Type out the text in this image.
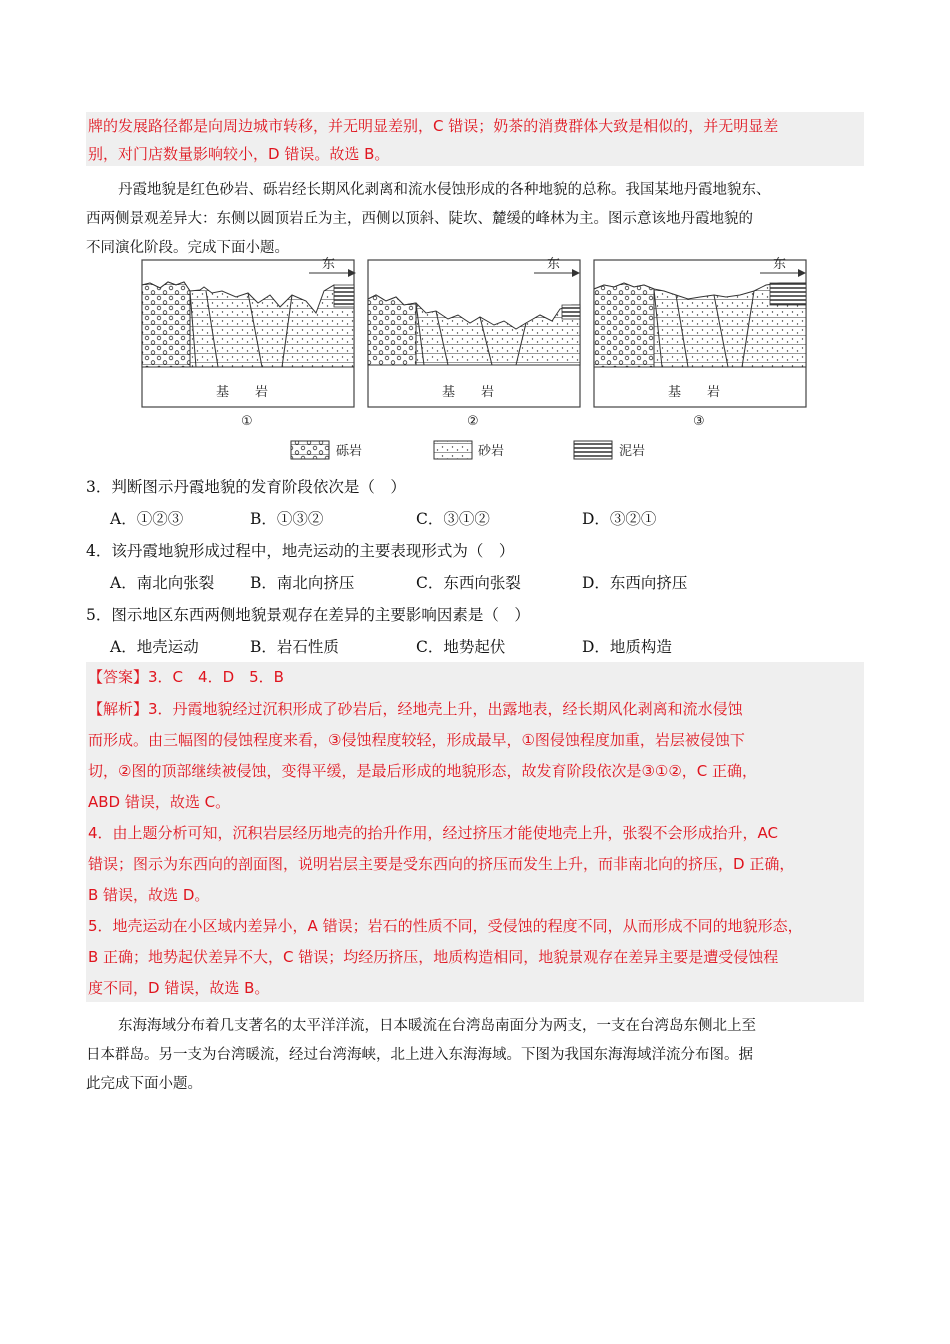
牌的发展路径都是向周边城市转移，并无明显差别，C 错误；奶茶的消费群体大致是相似的，并无明显差
别，对门店数量影响较小，D 错误。故选 B。
丹霞地貌是红色砂岩、砾岩经长期风化剥离和流水侵蚀形成的各种地貌的总称。我国某地丹霞地貌东、
西两侧景观差异大：东侧以圆顶岩丘为主，西侧以顶斜、陡坎、麓缓的峰林为主。图示意该地丹霞地貌的
不同演化阶段。完成下面小题。
东
基　　岩
①
东
基　　岩
②
东
基　　岩
③
砾岩	砂岩	泥岩
3．判断图示丹霞地貌的发育阶段依次是（　）
A．①②③	B．①③②	C．③①②	D．③②①
4．该丹霞地貌形成过程中，地壳运动的主要表现形式为（　）
A．南北向张裂 B．南北向挤压	C．东西向张裂	D．东西向挤压
5．图示地区东西两侧地貌景观存在差异的主要影响因素是（　）
A．地壳运动	B．岩石性质	C．地势起伏	D．地质构造
【答案】3．C　4．D　5．B
【解析】3．丹霞地貌经过沉积形成了砂岩后，经地壳上升，出露地表，经长期风化剥离和流水侵蚀
而形成。由三幅图的侵蚀程度来看，③侵蚀程度较轻，形成最早，①图侵蚀程度加重，岩层被侵蚀下
切，②图的顶部继续被侵蚀，变得平缓，是最后形成的地貌形态，故发育阶段依次是③①②，C 正确，
ABD 错误，故选 C。
4．由上题分析可知，沉积岩层经历地壳的抬升作用，经过挤压才能使地壳上升，张裂不会形成抬升，AC
错误；图示为东西向的剖面图，说明岩层主要是受东西向的挤压而发生上升，而非南北向的挤压，D 正确，
B 错误，故选 D。
5．地壳运动在小区域内差异小，A 错误；岩石的性质不同，受侵蚀的程度不同，从而形成不同的地貌形态，
B 正确；地势起伏差异不大，C 错误；均经历挤压，地质构造相同，地貌景观存在差异主要是遭受侵蚀程
度不同，D 错误，故选 B。
东海海域分布着几支著名的太平洋洋流，日本暖流在台湾岛南面分为两支，一支在台湾岛东侧北上至
日本群岛。另一支为台湾暖流，经过台湾海峡，北上进入东海海域。下图为我国东海海域洋流分布图。据
此完成下面小题。
